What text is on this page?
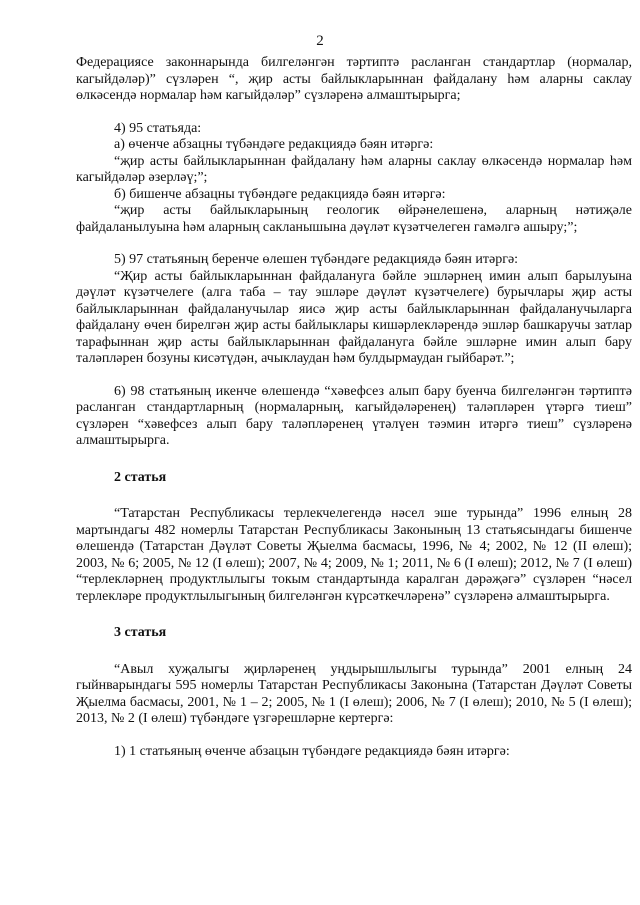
2

Федерациясе законнарында билгеләнгән тәртиптә расланган стандартлар (нормалар, кагыйдәләр)” сүзләрен “, җир асты байлыкларыннан файдалану һәм аларны саклау өлкәсендә нормалар һәм кагыйдәләр” сүзләренә алмаштырырга;

4) 95 статьяда:

а) өченче абзацны түбәндәге редакциядә бәян итәргә:

“җир асты байлыкларыннан файдалану һәм аларны саклау өлкәсендә нормалар һәм кагыйдәләр әзерләү;”;

б) бишенче абзацны түбәндәге редакциядә бәян итәргә:

“җир асты байлыкларының геологик өйрәнелешенә, аларның нәтиҗәле файдаланылуына һәм аларның сакланышына дәүләт күзәтчелеген гамәлгә ашыру;”;

5) 97 статьяның беренче өлешен түбәндәге редакциядә бәян итәргә:

“Җир асты байлыкларыннан файдалануга бәйле эшләрнең имин алып барылуына дәүләт күзәтчелеге (алга таба – тау эшләре дәүләт күзәтчелеге) бурычлары җир асты байлыкларыннан файдаланучылар яисә җир асты байлыкларыннан файдаланучыларга файдалану өчен бирелгән җир асты байлыклары кишәрлекләрендә эшләр башкаручы затлар тарафыннан җир асты байлыкларыннан файдалануга бәйле эшләрне имин алып бару таләпләрен бозуны кисәтүдән, ачыклаудан һәм булдырмаудан гыйбарәт.”;

6) 98 статьяның икенче өлешендә “хәвефсез алып бару буенча билгеләнгән тәртиптә расланган стандартларның (нормаларның, кагыйдәләренең) таләпләрен үтәргә тиеш” сүзләрен “хәвефсез алып бару таләпләренең үтәлүен тәэмин итәргә тиеш” сүзләренә алмаштырырга.

2 статья

“Татарстан Республикасы терлекчелегендә нәсел эше турында” 1996 елның 28 мартындагы 482 номерлы Татарстан Республикасы Законының 13 статьясындагы бишенче өлешендә (Татарстан Дәүләт Советы Җыелма басмасы, 1996, № 4; 2002, № 12 (II өлеш); 2003, № 6; 2005, № 12 (I өлеш); 2007, № 4; 2009, № 1; 2011, № 6 (I өлеш); 2012, № 7 (I өлеш) “терлекләрнең продуктлылыгы токым стандартында каралган дәрәҗәгә” сүзләрен “нәсел терлекләре продуктлылыгының билгеләнгән күрсәткечләренә” сүзләренә алмаштырырга.

3 статья

“Авыл хуҗалыгы җирләренең уңдырышлылыгы турында” 2001 елның 24 гыйнварындагы 595 номерлы Татарстан Республикасы Законына (Татарстан Дәүләт Советы Җыелма басмасы, 2001, № 1 – 2; 2005, № 1 (I өлеш); 2006, № 7 (I өлеш); 2010, № 5 (I өлеш); 2013, № 2 (I өлеш) түбәндәге үзгәрешләрне кертергә:

1) 1 статьяның өченче абзацын түбәндәге редакциядә бәян итәргә:
